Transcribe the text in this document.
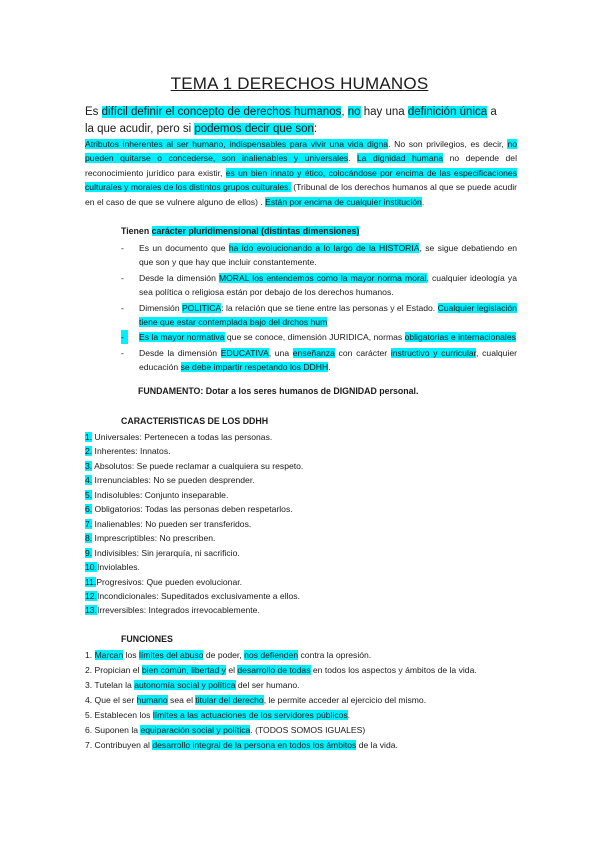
TEMA 1 DERECHOS HUMANOS
Es difícil definir el concepto de derechos humanos, no hay una definición única a
la que acudir, pero si podemos decir que son:
Atributos inherentes al ser humano, indispensables para vivir una vida digna. No son privilegios, es decir, no pueden quitarse o concederse, son inalienables y universales. La dignidad humana no depende del reconocimiento jurídico para existir, es un bien innato y ético, colocándose por encima de las especificaciones culturales y morales de los distintos grupos culturales. (Tribunal de los derechos humanos al que se puede acudir en el caso de que se vulnere alguno de ellos) . Están por encima de cualquier institución.
Tienen carácter pluridimensional (distintas dimensiones)
- Es un documento que ha ido evolucionando a lo largo de la HISTORIA, se sigue debatiendo en que son y que hay que incluir constantemente.
- Desde la dimensión MORAL los entendemos como la mayor norma moral, cualquier ideología ya sea política o religiosa están por debajo de los derechos humanos.
- Dimensión POLITICA: la relación que se tiene entre las personas y el Estado. Cualquier legislación tiene que estar contemplada bajo del drchos hum
- Es la mayor normativa que se conoce, dimensión JURIDICA, normas obligatorias e internacionales
- Desde la dimensión EDUCATIVA, una enseñanza con carácter instructivo y curricular, cualquier educación se debe impartir respetando los DDHH.
FUNDAMENTO: Dotar a los seres humanos de DIGNIDAD personal.
CARACTERISTICAS DE LOS DDHH
1. Universales: Pertenecen a todas las personas.
2. Inherentes: Innatos.
3. Absolutos: Se puede reclamar a cualquiera su respeto.
4. Irrenunciables: No se pueden desprender.
5. Indisolubles: Conjunto inseparable.
6. Obligatorios: Todas las personas deben respetarlos.
7. Inalienables: No pueden ser transferidos.
8. Imprescriptibles: No prescriben.
9. Indivisibles: Sin jerarquía, ni sacrificio.
10.Inviolables.
11.Progresivos: Que pueden evolucionar.
12.Incondicionales: Supeditados exclusivamente a ellos.
13.Irreversibles: Integrados irrevocablemente.
FUNCIONES
1. Marcan los límites del abuso de poder, nos defienden contra la opresión.
2. Propician el bien común, libertad y el desarrollo de todas en todos los aspectos y ámbitos de la vida.
3. Tutelan la autonomía social y política del ser humano.
4. Que el ser humano sea el titular del derecho, le permite acceder al ejercicio del mismo.
5. Establecen los límites a las actuaciones de los servidores públicos.
6. Suponen la equiparación social y política. (TODOS SOMOS IGUALES)
7. Contribuyen al desarrollo integral de la persona en todos los ámbitos de la vida.
